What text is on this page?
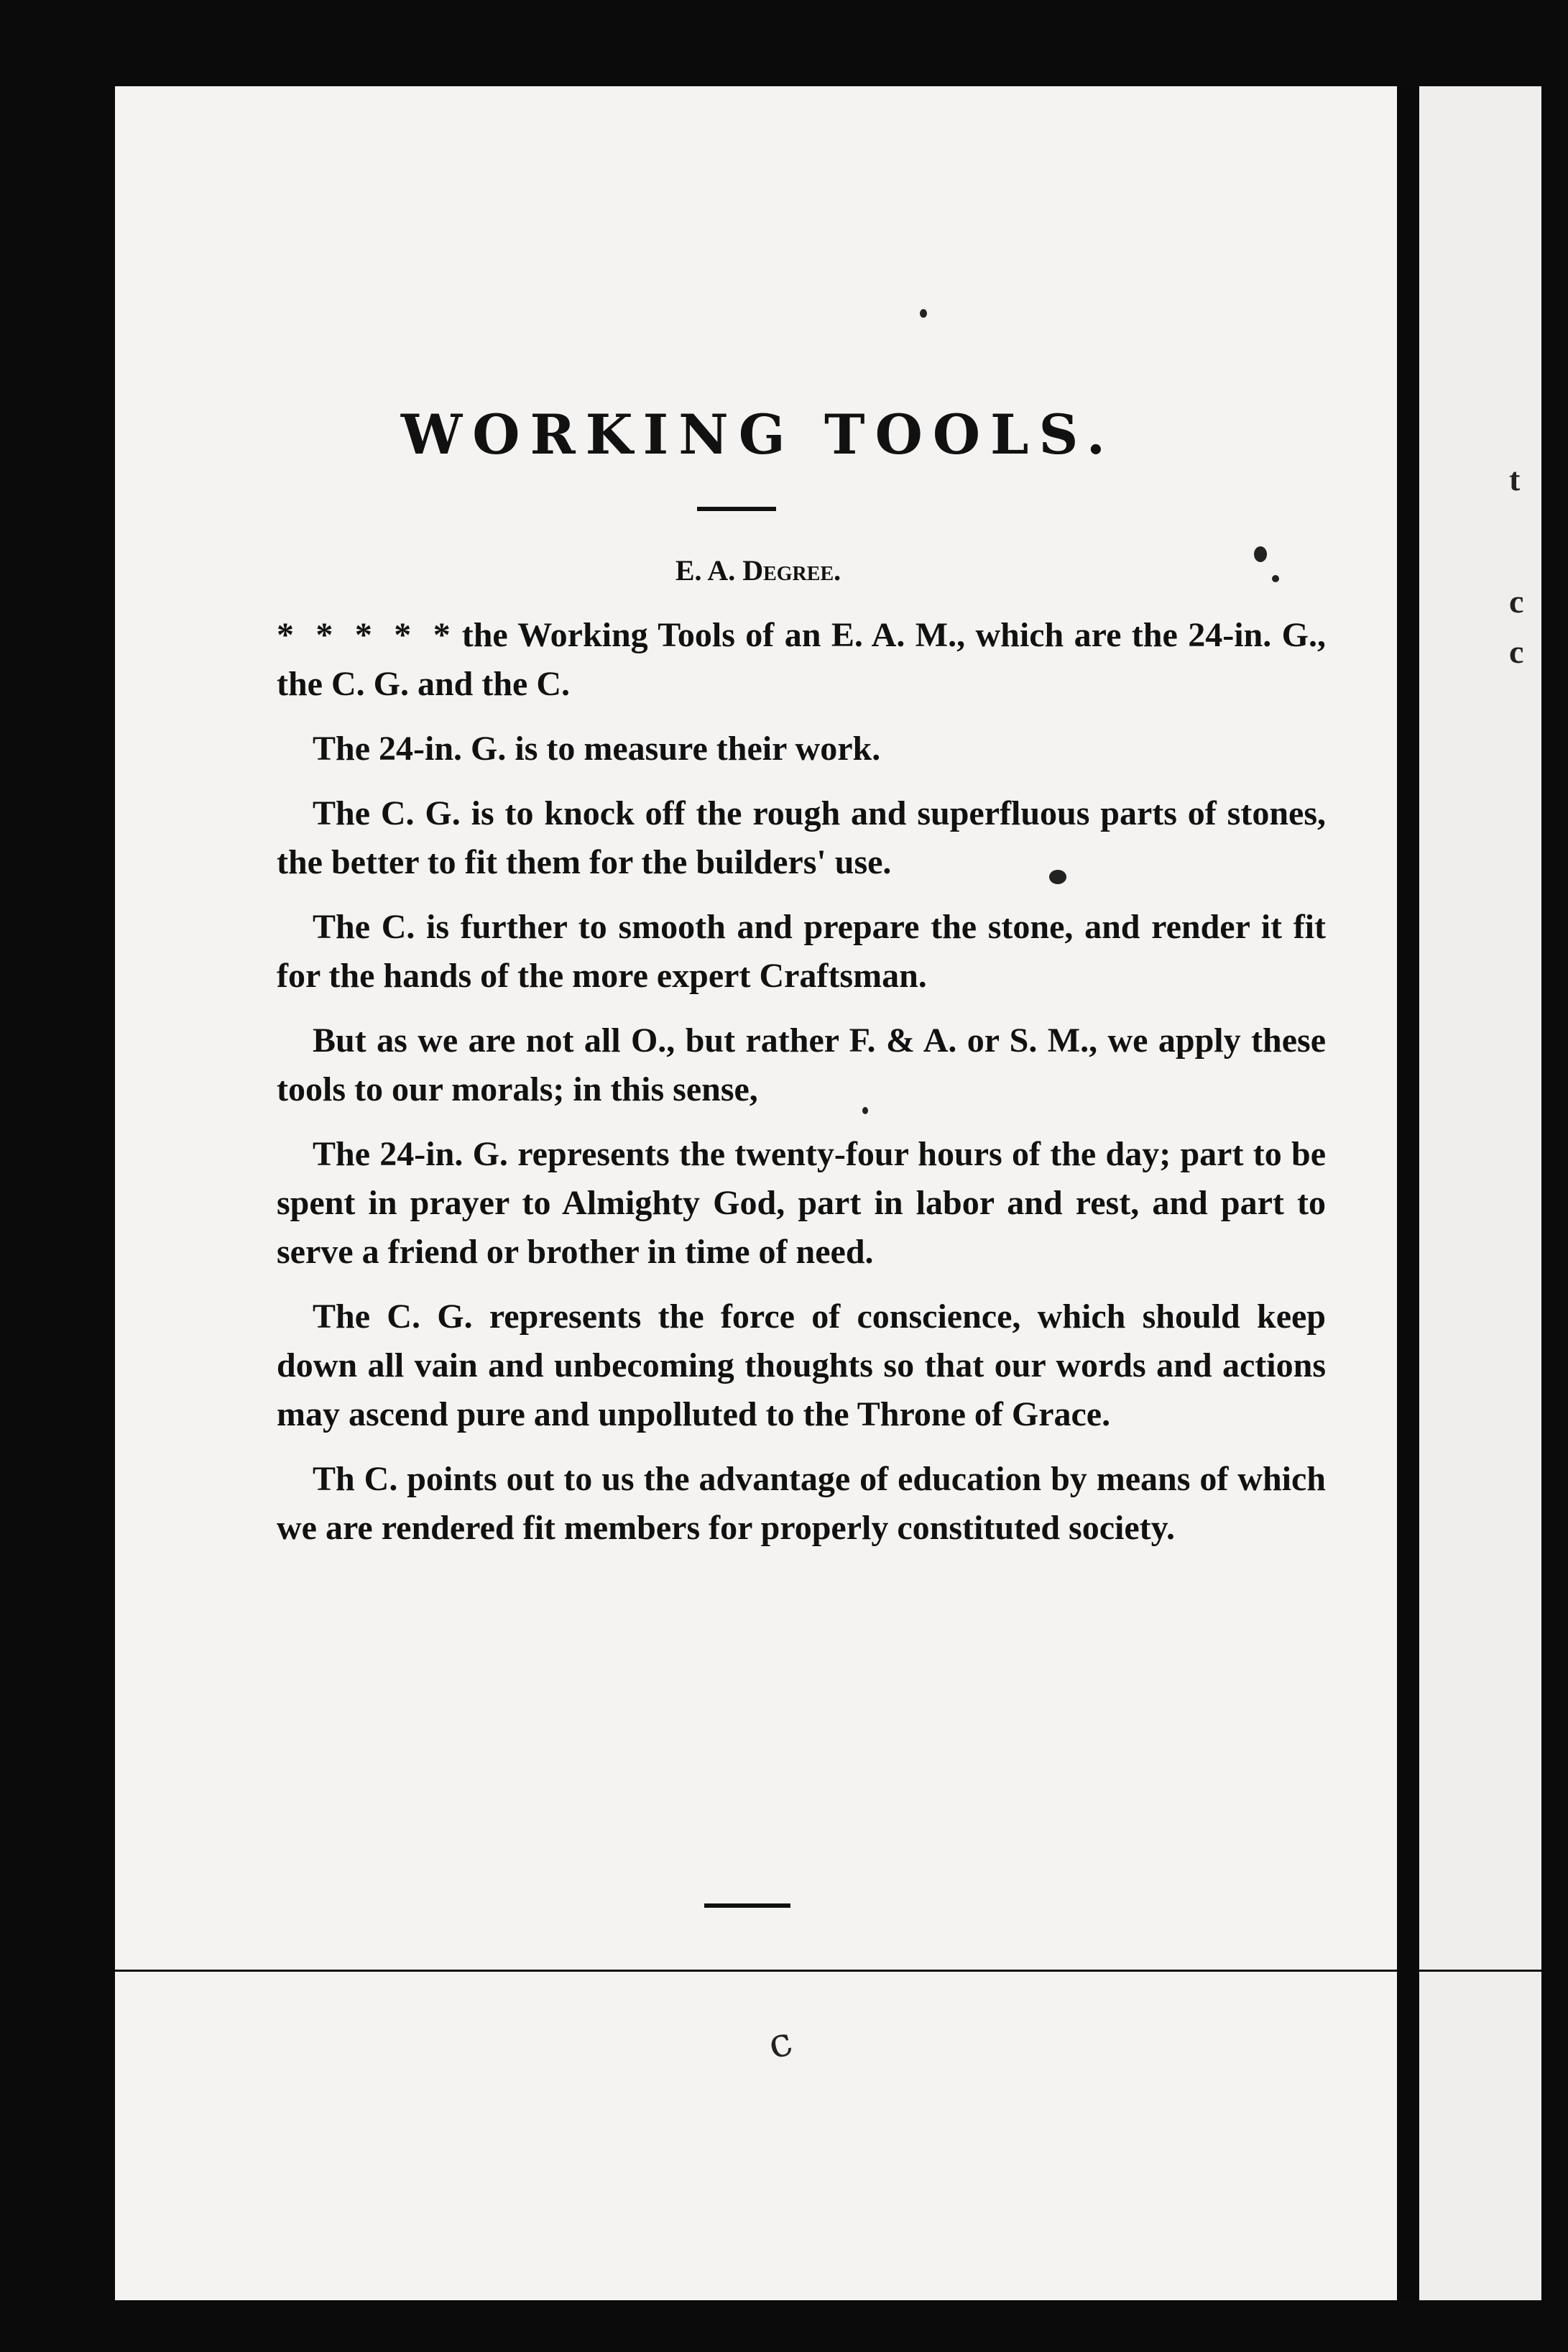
WORKING TOOLS.
E. A. Degree.

* * * * * the Working Tools of an E. A. M., which are the 24-in. G., the C. G. and the C.

The 24-in. G. is to measure their work.

The C. G. is to knock off the rough and superfluous parts of stones, the better to fit them for the builders' use.

The C. is further to smooth and prepare the stone, and render it fit for the hands of the more expert Craftsman.

But as we are not all O., but rather F. & A. or S. M., we apply these tools to our morals; in this sense,

The 24-in. G. represents the twenty-four hours of the day; part to be spent in prayer to Almighty God, part in labor and rest, and part to serve a friend or brother in time of need.

The C. G. represents the force of conscience, which should keep down all vain and unbecoming thoughts so that our words and actions may ascend pure and unpolluted to the Throne of Grace.

Th C. points out to us the advantage of education by means of which we are rendered fit members for properly constituted society.

c
t
c
c
